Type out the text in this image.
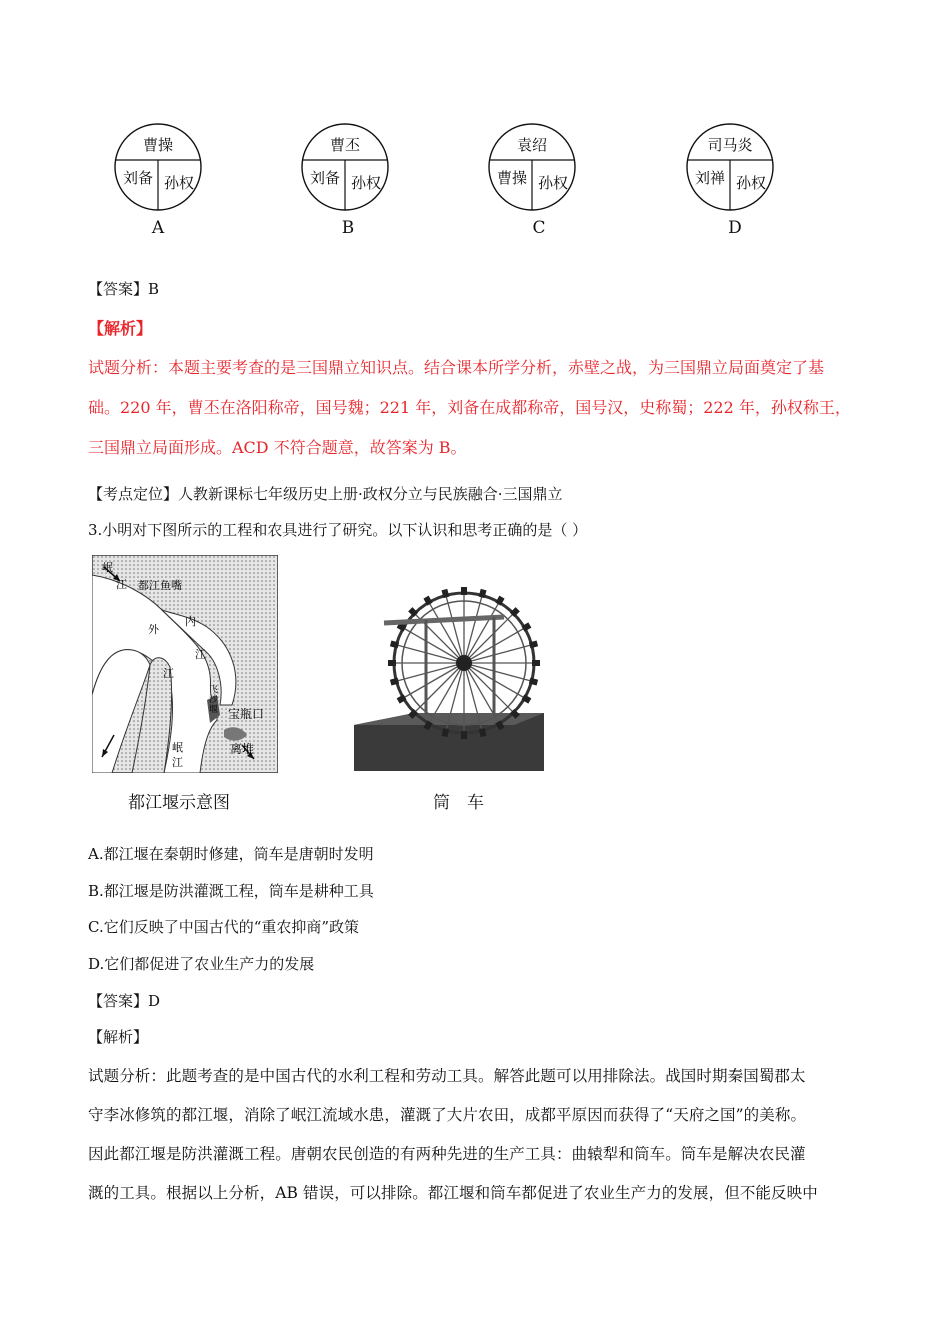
曹操
刘备 孙权
A
曹丕
刘备 孙权
B
袁绍
曹操 孙权
C
司马炎
刘禅 孙权
D
【答案】B
【解析】
试题分析：本题主要考查的是三国鼎立知识点。结合课本所学分析，赤壁之战，为三国鼎立局面奠定了基
础。220 年，曹丕在洛阳称帝，国号魏；221 年，刘备在成都称帝，国号汉，史称蜀；222 年，孙权称王，
三国鼎立局面形成。ACD 不符合题意，故答案为 B。
【考点定位】人教新课标七年级历史上册·政权分立与民族融合·三国鼎立
3.小明对下图所示的工程和农具进行了研究。以下认识和思考正确的是（ ）
岷
江 都江鱼嘴
内
江
外
江
飞
沙
堰 宝瓶口
离堆
岷
江
都江堰示意图	筒　车
A.都江堰在秦朝时修建，筒车是唐朝时发明
B.都江堰是防洪灌溉工程，筒车是耕种工具
C.它们反映了中国古代的“重农抑商”政策
D.它们都促进了农业生产力的发展
【答案】D
【解析】
试题分析：此题考查的是中国古代的水利工程和劳动工具。解答此题可以用排除法。战国时期秦国蜀郡太
守李冰修筑的都江堰，消除了岷江流域水患，灌溉了大片农田，成都平原因而获得了“天府之国”的美称。
因此都江堰是防洪灌溉工程。唐朝农民创造的有两种先进的生产工具：曲辕犁和筒车。筒车是解决农民灌
溉的工具。根据以上分析，AB 错误，可以排除。都江堰和筒车都促进了农业生产力的发展，但不能反映中
